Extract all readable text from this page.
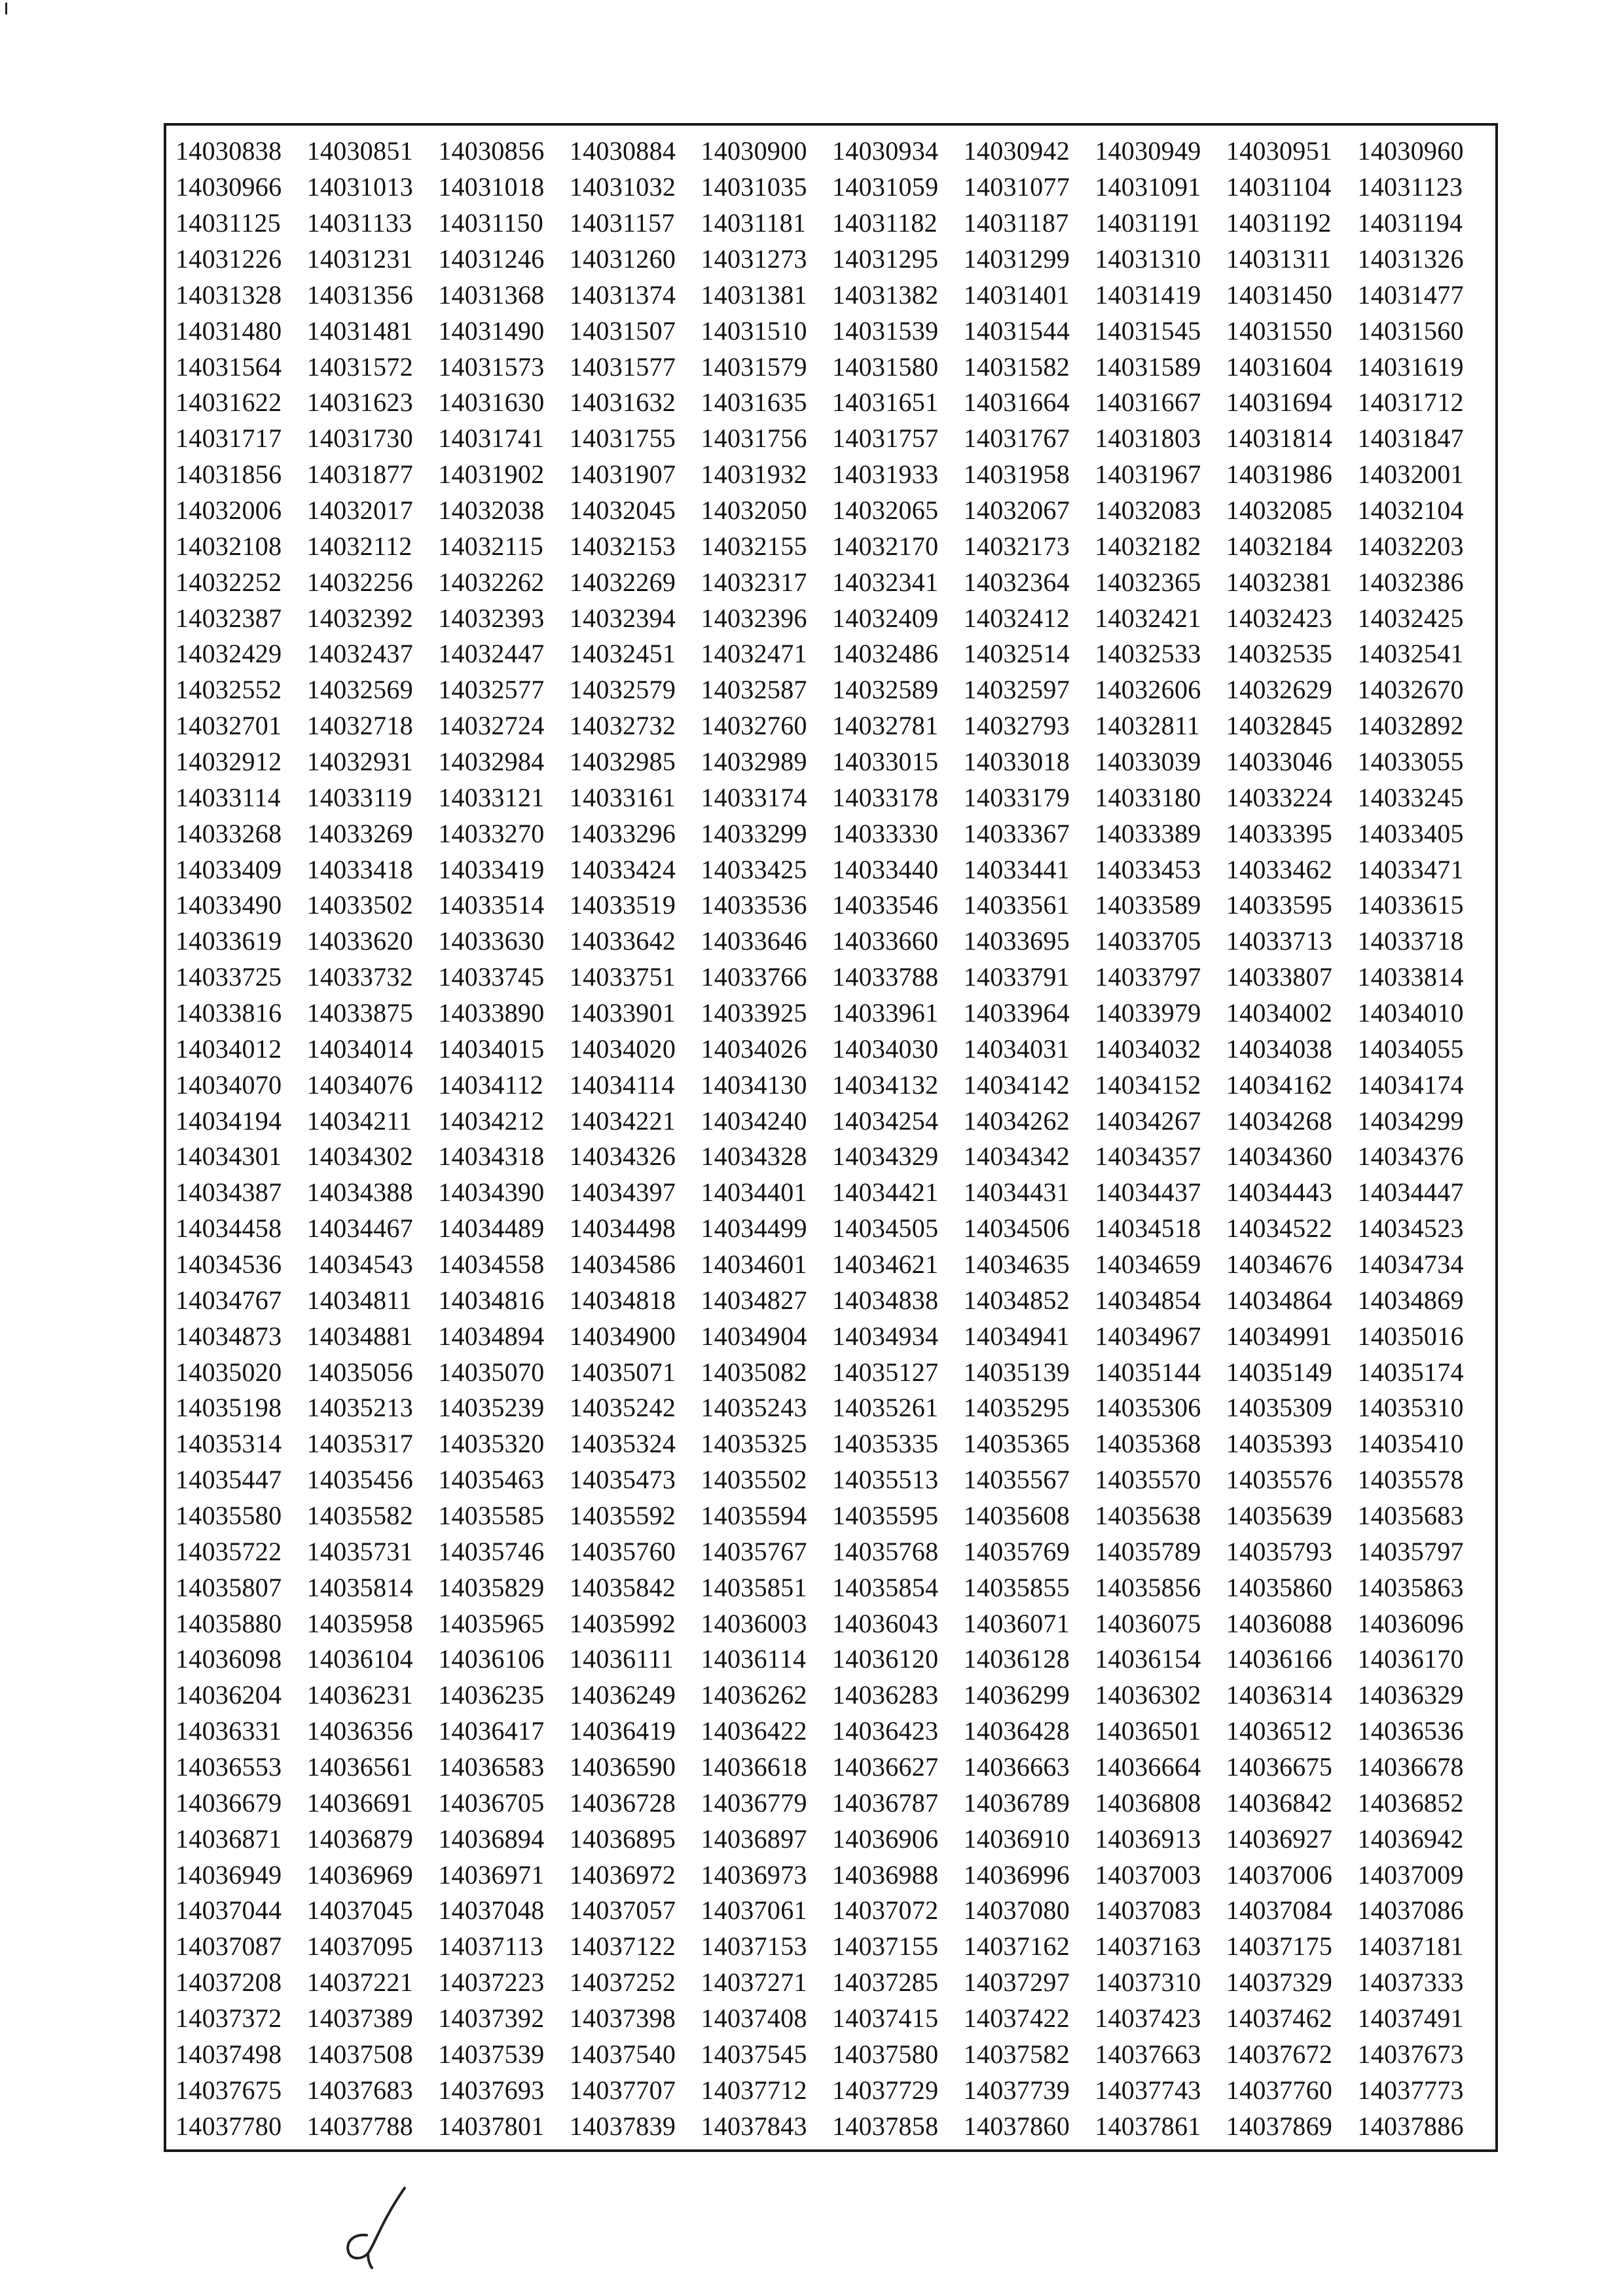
14030838 14030851 14030856 14030884 14030900 14030934 14030942 14030949 14030951 14030960
14030966 14031013 14031018 14031032 14031035 14031059 14031077 14031091 14031104 14031123
14031125 14031133 14031150 14031157 14031181 14031182 14031187 14031191 14031192 14031194
14031226 14031231 14031246 14031260 14031273 14031295 14031299 14031310 14031311 14031326
14031328 14031356 14031368 14031374 14031381 14031382 14031401 14031419 14031450 14031477
14031480 14031481 14031490 14031507 14031510 14031539 14031544 14031545 14031550 14031560
14031564 14031572 14031573 14031577 14031579 14031580 14031582 14031589 14031604 14031619
14031622 14031623 14031630 14031632 14031635 14031651 14031664 14031667 14031694 14031712
14031717 14031730 14031741 14031755 14031756 14031757 14031767 14031803 14031814 14031847
14031856 14031877 14031902 14031907 14031932 14031933 14031958 14031967 14031986 14032001
14032006 14032017 14032038 14032045 14032050 14032065 14032067 14032083 14032085 14032104
14032108 14032112 14032115 14032153 14032155 14032170 14032173 14032182 14032184 14032203
14032252 14032256 14032262 14032269 14032317 14032341 14032364 14032365 14032381 14032386
14032387 14032392 14032393 14032394 14032396 14032409 14032412 14032421 14032423 14032425
14032429 14032437 14032447 14032451 14032471 14032486 14032514 14032533 14032535 14032541
14032552 14032569 14032577 14032579 14032587 14032589 14032597 14032606 14032629 14032670
14032701 14032718 14032724 14032732 14032760 14032781 14032793 14032811 14032845 14032892
14032912 14032931 14032984 14032985 14032989 14033015 14033018 14033039 14033046 14033055
14033114 14033119 14033121 14033161 14033174 14033178 14033179 14033180 14033224 14033245
14033268 14033269 14033270 14033296 14033299 14033330 14033367 14033389 14033395 14033405
14033409 14033418 14033419 14033424 14033425 14033440 14033441 14033453 14033462 14033471
14033490 14033502 14033514 14033519 14033536 14033546 14033561 14033589 14033595 14033615
14033619 14033620 14033630 14033642 14033646 14033660 14033695 14033705 14033713 14033718
14033725 14033732 14033745 14033751 14033766 14033788 14033791 14033797 14033807 14033814
14033816 14033875 14033890 14033901 14033925 14033961 14033964 14033979 14034002 14034010
14034012 14034014 14034015 14034020 14034026 14034030 14034031 14034032 14034038 14034055
14034070 14034076 14034112 14034114 14034130 14034132 14034142 14034152 14034162 14034174
14034194 14034211 14034212 14034221 14034240 14034254 14034262 14034267 14034268 14034299
14034301 14034302 14034318 14034326 14034328 14034329 14034342 14034357 14034360 14034376
14034387 14034388 14034390 14034397 14034401 14034421 14034431 14034437 14034443 14034447
14034458 14034467 14034489 14034498 14034499 14034505 14034506 14034518 14034522 14034523
14034536 14034543 14034558 14034586 14034601 14034621 14034635 14034659 14034676 14034734
14034767 14034811 14034816 14034818 14034827 14034838 14034852 14034854 14034864 14034869
14034873 14034881 14034894 14034900 14034904 14034934 14034941 14034967 14034991 14035016
14035020 14035056 14035070 14035071 14035082 14035127 14035139 14035144 14035149 14035174
14035198 14035213 14035239 14035242 14035243 14035261 14035295 14035306 14035309 14035310
14035314 14035317 14035320 14035324 14035325 14035335 14035365 14035368 14035393 14035410
14035447 14035456 14035463 14035473 14035502 14035513 14035567 14035570 14035576 14035578
14035580 14035582 14035585 14035592 14035594 14035595 14035608 14035638 14035639 14035683
14035722 14035731 14035746 14035760 14035767 14035768 14035769 14035789 14035793 14035797
14035807 14035814 14035829 14035842 14035851 14035854 14035855 14035856 14035860 14035863
14035880 14035958 14035965 14035992 14036003 14036043 14036071 14036075 14036088 14036096
14036098 14036104 14036106 14036111	14036114 14036120 14036128 14036154 14036166 14036170
14036204 14036231 14036235 14036249 14036262 14036283 14036299 14036302 14036314 14036329
14036331 14036356 14036417 14036419 14036422 14036423 14036428 14036501 14036512 14036536
14036553 14036561 14036583 14036590 14036618 14036627 14036663 14036664 14036675 14036678
14036679 14036691 14036705 14036728 14036779 14036787 14036789 14036808 14036842 14036852
14036871 14036879 14036894 14036895 14036897 14036906 14036910 14036913 14036927 14036942
14036949 14036969 14036971 14036972 14036973 14036988 14036996 14037003 14037006 14037009
14037044 14037045 14037048 14037057 14037061 14037072 14037080 14037083 14037084 14037086
14037087 14037095 14037113 14037122 14037153 14037155 14037162 14037163 14037175 14037181
14037208 14037221 14037223 14037252 14037271 14037285 14037297 14037310 14037329 14037333
14037372 14037389 14037392 14037398 14037408 14037415 14037422 14037423 14037462 14037491
14037498 14037508 14037539 14037540 14037545 14037580 14037582 14037663 14037672 14037673
14037675 14037683 14037693 14037707 14037712 14037729 14037739 14037743 14037760 14037773
14037780 14037788 14037801 14037839 14037843 14037858 14037860 14037861 14037869 14037886
